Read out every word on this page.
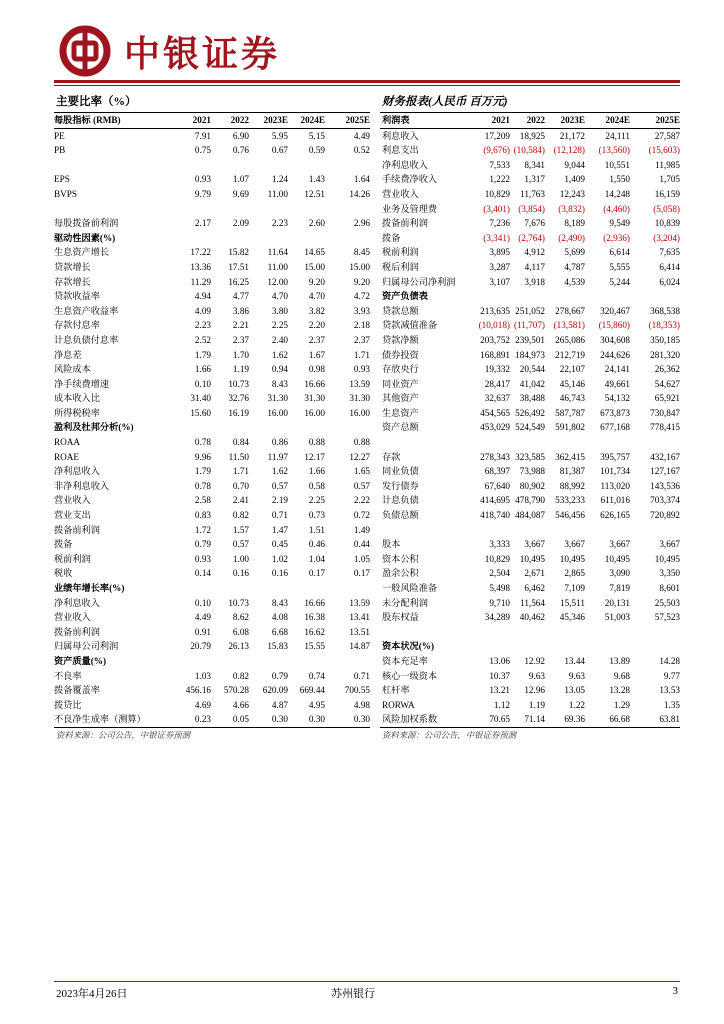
中银证券
主要比率（%）	财务报表(人民币 百万元)
每股指标 (RMB)	2021 2022 2023E 2024E 2025E
PE	7.91 6.90 5.95 5.15	4.49
PB	0.75 0.76 0.67 0.59	0.52
EPS	0.93 1.07 1.24 1.43	1.64
BVPS	9.79 9.69 11.00 12.51	14.26
每股拨备前利润	2.17 2.09 2.23 2.60	2.96
驱动性因素(%)
生息资产增长	17.22 15.82 11.64 14.65	8.45
贷款增长	13.36 17.51 11.00 15.00	15.00
存款增长	11.29 16.25 12.00 9.20	9.20
贷款收益率	4.94 4.77 4.70 4.70	4.72
生息资产收益率	4.09 3.86 3.80 3.82	3.93
存款付息率	2.23 2.21 2.25 2.20	2.18
计息负债付息率	2.52 2.37 2.40 2.37	2.37
净息差	1.79 1.70 1.62 1.67	1.71
风险成本	1.66 1.19 0.94 0.98	0.93
净手续费增速	0.10 10.73 8.43 16.66	13.59
成本收入比	31.40 32.76 31.30 31.30	31.30
所得税税率	15.60 16.19 16.00 16.00	16.00
盈利及杜邦分析(%)
ROAA	0.78 0.84 0.86 0.88	0.88
ROAE	9.96 11.50 11.97 12.17	12.27
净利息收入	1.79 1.71 1.62 1.66	1.65
非净利息收入	0.78 0.70 0.57 0.58	0.57
营业收入	2.58 2.41 2.19 2.25	2.22
营业支出	0.83 0.82 0.71 0.73	0.72
拨备前利润	1.72 1.57 1.47 1.51	1.49
拨备	0.79 0.57 0.45 0.46	0.44
税前利润	0.93 1.00 1.02 1.04	1.05
税收	0.14 0.16 0.16 0.17	0.17
业绩年增长率(%)
净利息收入	0.10 10.73 8.43 16.66	13.59
营业收入	4.49 8.62 4.08 16.38	13.41
拨备前利润	0.91 6.08 6.68 16.62	13.51
归属母公司利润	20.79 26.13 15.83 15.55	14.87
资产质量(%)
不良率	1.03 0.82 0.79 0.74	0.71
拨备覆盖率	456.16 570.28 620.09 669.44 700.55
拨贷比	4.69 4.66 4.87 4.95	4.98
不良净生成率（测算）	0.23 0.05 0.30 0.30	0.30
利润表	2021 2022 2023E 2024E	2025E
利息收入	17,209 18,925 21,172 24,111	27,587
利息支出	(9,676) (10,584) (12,128) (13,560) (15,603)
净利息收入	7,533 8,341 9,044 10,551	11,985
手续费净收入	1,222 1,317 1,409	1,550	1,705
营业收入	10,829 11,763 12,243 14,248	16,159
业务及管理费	(3,401) (3,854) (3,832) (4,460)	(5,058)
拨备前利润	7,236 7,676 8,189	9,549	10,839
拨备	(3,341) (2,764) (2,490) (2,936)	(3,204)
税前利润	3,895 4,912 5,699	6,614	7,635
税后利润	3,287 4,117 4,787	5,555	6,414
归属母公司净利润	3,107 3,918 4,539	5,244	6,024
资产负债表
贷款总额	213,635 251,052 278,667 320,467 368,538
贷款减值准备	(10,018) (11,707) (13,581) (15,860) (18,353)
贷款净额	203,752 239,501 265,086 304,608 350,185
债券投资	168,891 184,973 212,719 244,626 281,320
存放央行	19,332 20,544 22,107 24,141	26,362
同业资产	28,417 41,042 45,146 49,661	54,627
其他资产	32,637 38,488 46,743 54,132	65,921
生息资产	454,565 526,492 587,787 673,873 730,847
资产总额	453,029 524,549 591,802 677,168 778,415
存款	278,343 323,585 362,415 395,757 432,167
同业负债	68,397 73,988 81,387 101,734 127,167
发行债券	67,640 80,902 88,992 113,020 143,536
计息负债	414,695 478,790 533,233 611,016 703,374
负债总额	418,740 484,087 546,456 626,165 720,892
股本	3,333 3,667 3,667	3,667	3,667
资本公积	10,829 10,495 10,495 10,495	10,495
盈余公积	2,504 2,671 2,865	3,090	3,350
一般风险准备	5,498 6,462 7,109	7,819	8,601
未分配利润	9,710 11,564 15,511 20,131	25,503
股东权益	34,289 40,462 45,346 51,003	57,523
资本状况(%)
资本充足率	13.06 12.92 13.44	13.89	14.28
核心一级资本	10.37 9.63	9.63	9.68	9.77
杠杆率	13.21 12.96 13.05	13.28	13.53
RORWA	1.12 1.19	1.22	1.29	1.35
风险加权系数	70.65 71.14 69.36	66.68	63.81
资料来源：公司公告，中银证券预测	资料来源：公司公告，中银证券预测
2023年4月26日	苏州银行	3
